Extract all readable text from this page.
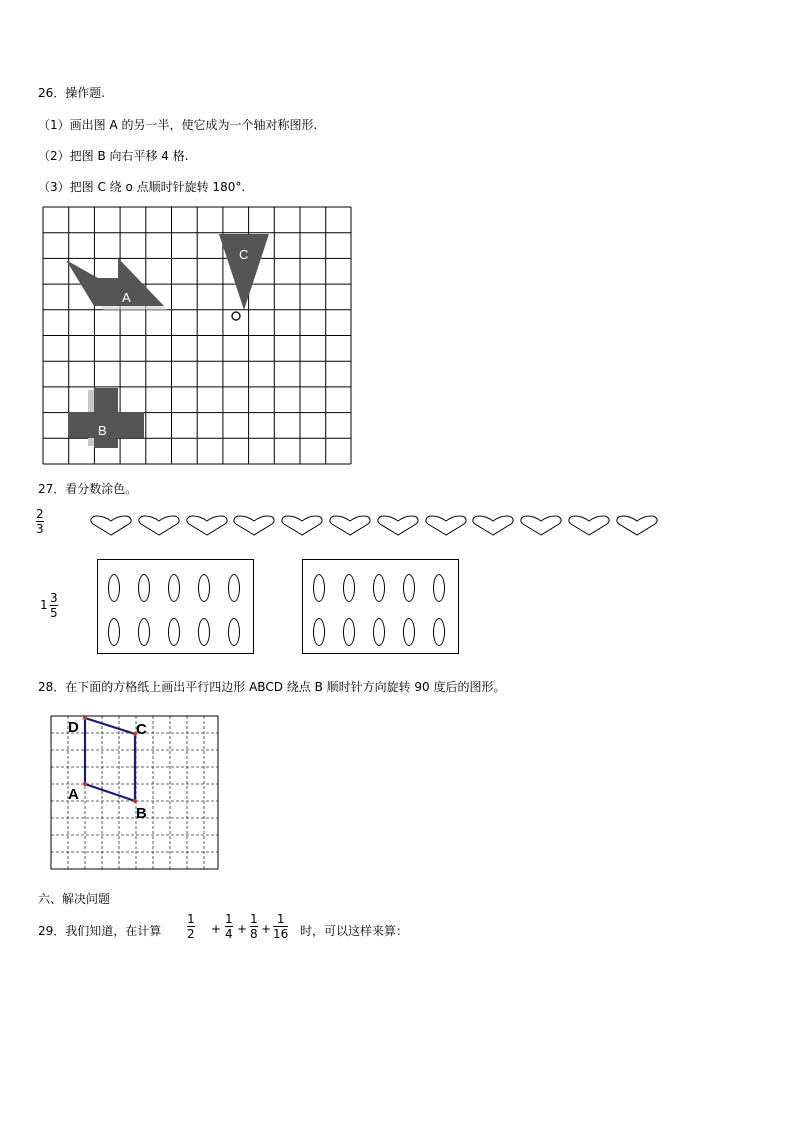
26．操作题.
（1）画出图 A 的另一半，使它成为一个轴对称图形.
（2）把图 B 向右平移 4 格.
（3）把图 C 绕 o 点顺时针旋转 180°.
A
B
C
27．看分数涂色。
2
3
1 3
5
28．在下面的方格纸上画出平行四边形 ABCD 绕点 B 顺时针方向旋转 90 度后的图形。
D	C
B
A
六、解决问题
29．我们知道，在计算
1
2 +
1
4 +
1
8 +
1
16 时，可以这样来算：
